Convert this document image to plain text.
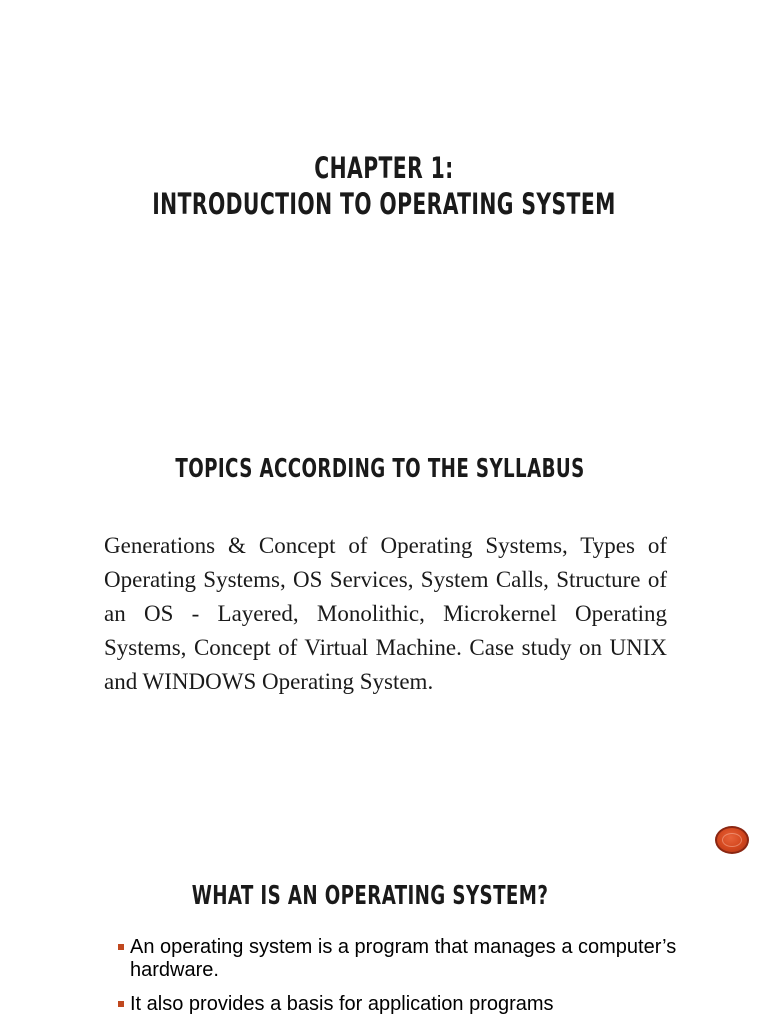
CHAPTER 1:
INTRODUCTION TO OPERATING SYSTEM
TOPICS ACCORDING TO THE SYLLABUS
Generations & Concept of Operating Systems, Types of Operating Systems, OS Services, System Calls, Structure of an OS - Layered, Monolithic, Microkernel Operating Systems, Concept of Virtual Machine. Case study on UNIX and WINDOWS Operating System.
WHAT IS AN OPERATING SYSTEM?
An operating system is a program that manages a computer’s hardware.
It also provides a basis for application programs
